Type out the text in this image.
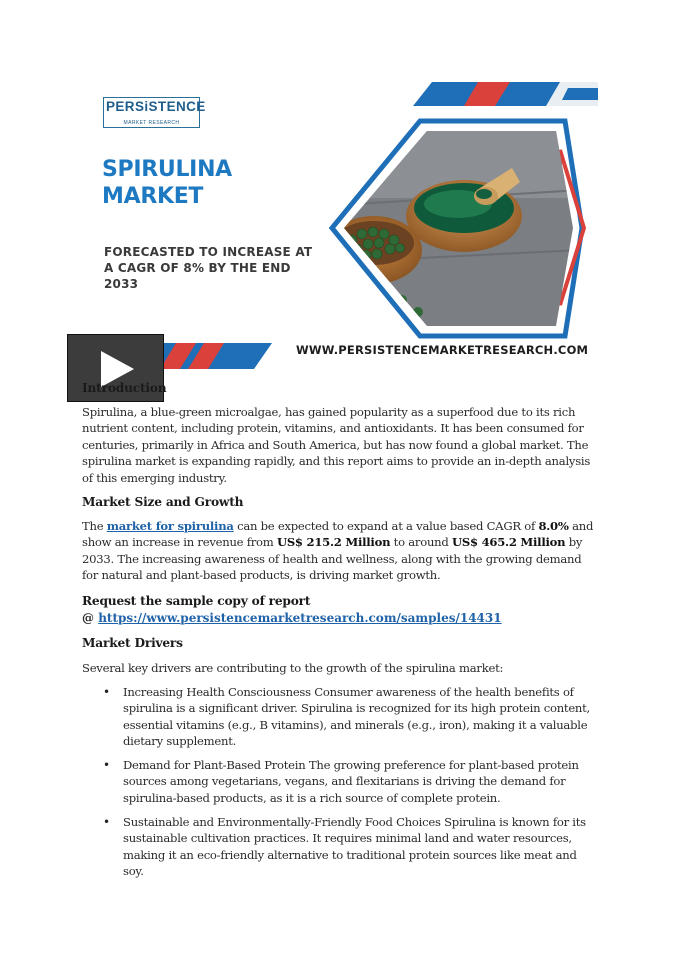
PERSiSTENCE
MARKET RESEARCH
SPIRULINA
MARKET
FORECASTED TO INCREASE AT A CAGR OF 8% BY THE END 2033
WWW.PERSISTENCEMARKETRESEARCH.COM
Introduction
Spirulina, a blue-green microalgae, has gained popularity as a superfood due to its rich nutrient content, including protein, vitamins, and antioxidants. It has been consumed for centuries, primarily in Africa and South America, but has now found a global market. The spirulina market is expanding rapidly, and this report aims to provide an in-depth analysis of this emerging industry.
Market Size and Growth
The market for spirulina can be expected to expand at a value based CAGR of 8.0% and show an increase in revenue from US$ 215.2 Million to around US$ 465.2 Million by 2033. The increasing awareness of health and wellness, along with the growing demand for natural and plant-based products, is driving market growth.
Request the sample copy of report
@ https://www.persistencemarketresearch.com/samples/14431
Market Drivers
Several key drivers are contributing to the growth of the spirulina market:
• Increasing Health Consciousness Consumer awareness of the health benefits of spirulina is a significant driver. Spirulina is recognized for its high protein content, essential vitamins (e.g., B vitamins), and minerals (e.g., iron), making it a valuable dietary supplement.
• Demand for Plant-Based Protein The growing preference for plant-based protein sources among vegetarians, vegans, and flexitarians is driving the demand for spirulina-based products, as it is a rich source of complete protein.
• Sustainable and Environmentally-Friendly Food Choices Spirulina is known for its sustainable cultivation practices. It requires minimal land and water resources, making it an eco-friendly alternative to traditional protein sources like meat and soy.
